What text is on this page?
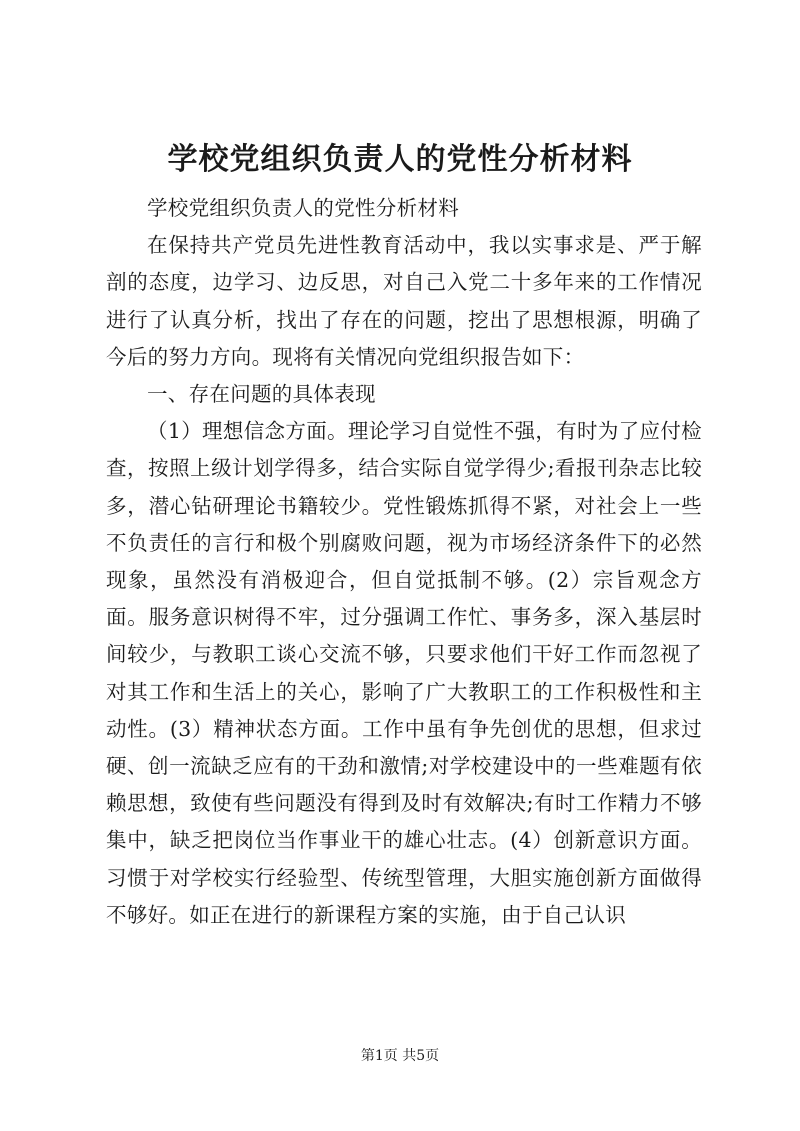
学校党组织负责人的党性分析材料

学校党组织负责人的党性分析材料

在保持共产党员先进性教育活动中，我以实事求是、严于解剖的态度，边学习、边反思，对自己入党二十多年来的工作情况进行了认真分析，找出了存在的问题，挖出了思想根源，明确了今后的努力方向。现将有关情况向党组织报告如下：

一、存在问题的具体表现

（1）理想信念方面。理论学习自觉性不强，有时为了应付检查，按照上级计划学得多，结合实际自觉学得少;看报刊杂志比较多，潜心钻研理论书籍较少。党性锻炼抓得不紧，对社会上一些不负责任的言行和极个别腐败问题，视为市场经济条件下的必然现象，虽然没有消极迎合，但自觉抵制不够。(2）宗旨观念方面。服务意识树得不牢，过分强调工作忙、事务多，深入基层时间较少，与教职工谈心交流不够，只要求他们干好工作而忽视了对其工作和生活上的关心，影响了广大教职工的工作积极性和主动性。(3）精神状态方面。工作中虽有争先创优的思想，但求过硬、创一流缺乏应有的干劲和激情;对学校建设中的一些难题有依赖思想，致使有些问题没有得到及时有效解决;有时工作精力不够集中，缺乏把岗位当作事业干的雄心壮志。(4）创新意识方面。习惯于对学校实行经验型、传统型管理，大胆实施创新方面做得不够好。如正在进行的新课程方案的实施，由于自己认识

第1页 共5页
